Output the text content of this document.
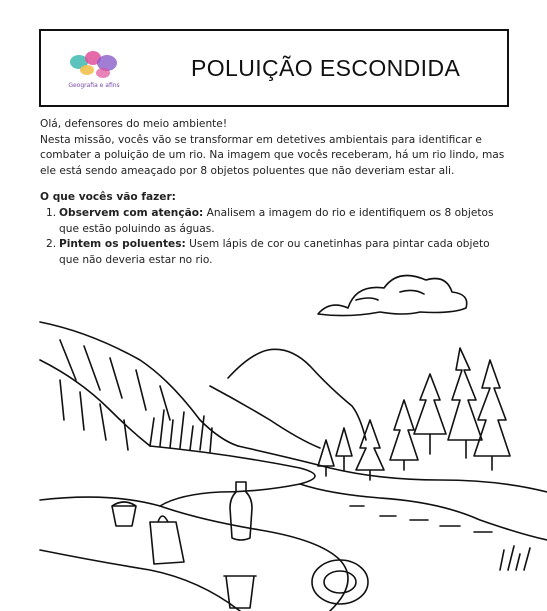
Geografia e afins
POLUIÇÃO ESCONDIDA

Olá, defensores do meio ambiente!

Nesta missão, vocês vão se transformar em detetives ambientais para identificar e combater a poluição de um rio. Na imagem que vocês receberam, há um rio lindo, mas ele está sendo ameaçado por 8 objetos poluentes que não deveriam estar ali.

O que vocês vão fazer:

1. Observem com atenção: Analisem a imagem do rio e identifiquem os 8 objetos que estão poluindo as águas.
2. Pintem os poluentes: Usem lápis de cor ou canetinhas para pintar cada objeto que não deveria estar no rio.
